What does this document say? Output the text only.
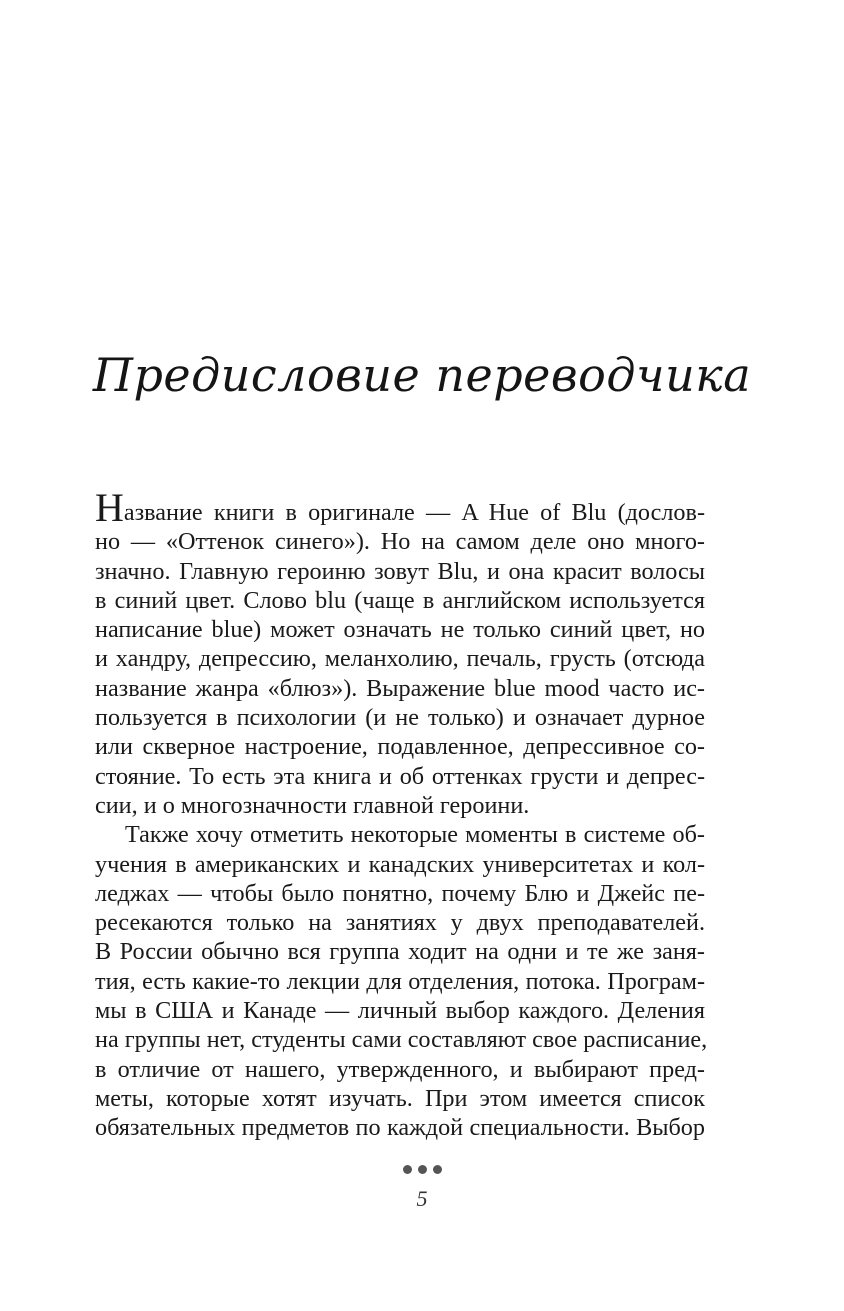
Предисловие переводчика
Название книги в оригинале — A Hue of Blu (дослов-
но — «Оттенок синего»). Но на самом деле оно много-
значно. Главную героиню зовут Blu, и она красит волосы
в синий цвет. Слово blu (чаще в английском используется
написание blue) может означать не только синий цвет, но
и хандру, депрессию, меланхолию, печаль, грусть (отсюда
название жанра «блюз»). Выражение blue mood часто ис-
пользуется в психологии (и не только) и означает дурное
или скверное настроение, подавленное, депрессивное со-
стояние. То есть эта книга и об оттенках грусти и депрес-
сии, и о многозначности главной героини.
Также хочу отметить некоторые моменты в системе об-
учения в американских и канадских университетах и кол-
леджах — чтобы было понятно, почему Блю и Джейс пе-
ресекаются только на занятиях у двух преподавателей.
В России обычно вся группа ходит на одни и те же заня-
тия, есть какие-то лекции для отделения, потока. Програм-
мы в США и Канаде — личный выбор каждого. Деления
на группы нет, студенты сами составляют свое расписание,
в отличие от нашего, утвержденного, и выбирают пред-
меты, которые хотят изучать. При этом имеется список
обязательных предметов по каждой специальности. Выбор
5
